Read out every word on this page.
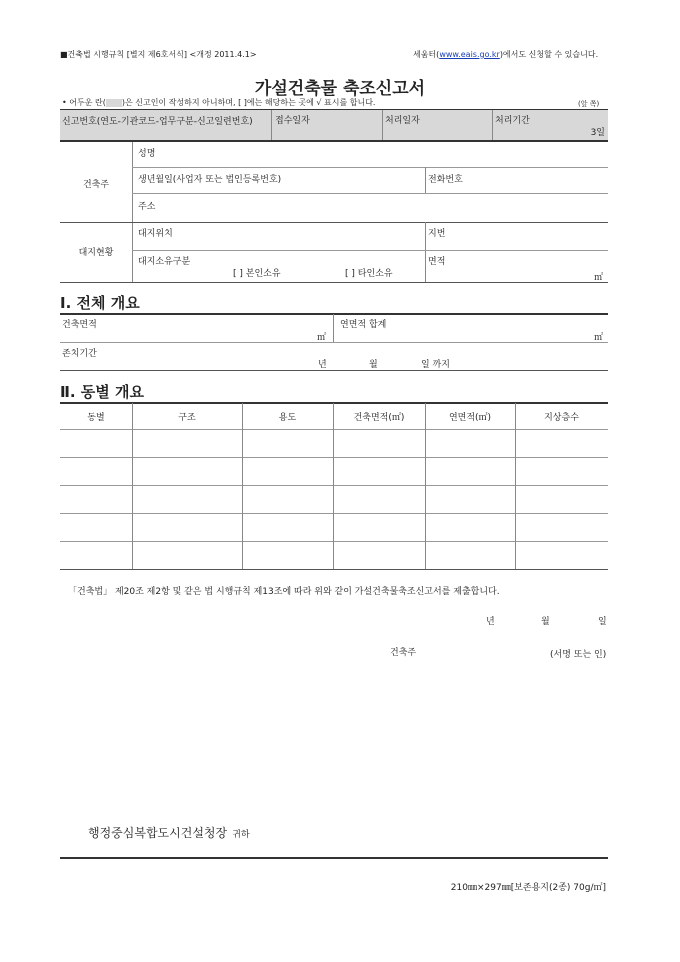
■건축법 시행규칙 [별지 제6호서식] <개정 2011.4.1>	세움터(www.eais.go.kr)에서도 신청할 수 있습니다.
가설건축물 축조신고서
• 어두운 란( )은 신고인이 작성하지 아니하며, [ ]에는 해당하는 곳에 √ 표시를 합니다.	(앞 쪽)
신고번호(연도-기관코드-업무구분-신고일련번호) 접수일자	처리일자	처리기간
3일
건축주
성명
생년월일(사업자 또는 법인등록번호)	전화번호
주소
대지현황
대지위치	지번
대지소유구분
[ ] 본인소유	[ ] 타인소유
면적
㎡
Ⅰ. 전체 개요
건축면적
㎡
연면적 합계
㎡
존치기간
년	월	일 까지
Ⅱ. 동별 개요
동별	구조	용도	건축면적(㎡)	연면적(㎡)	지상층수
「건축법」 제20조 제2항 및 같은 법 시행규칙 제13조에 따라 위와 같이 가설건축물축조신고서를 제출합니다.
년	월	일
건축주	(서명 또는 인)
행정중심복합도시건설청장 귀하
210㎜×297㎜[보존용지(2종) 70g/㎡]
